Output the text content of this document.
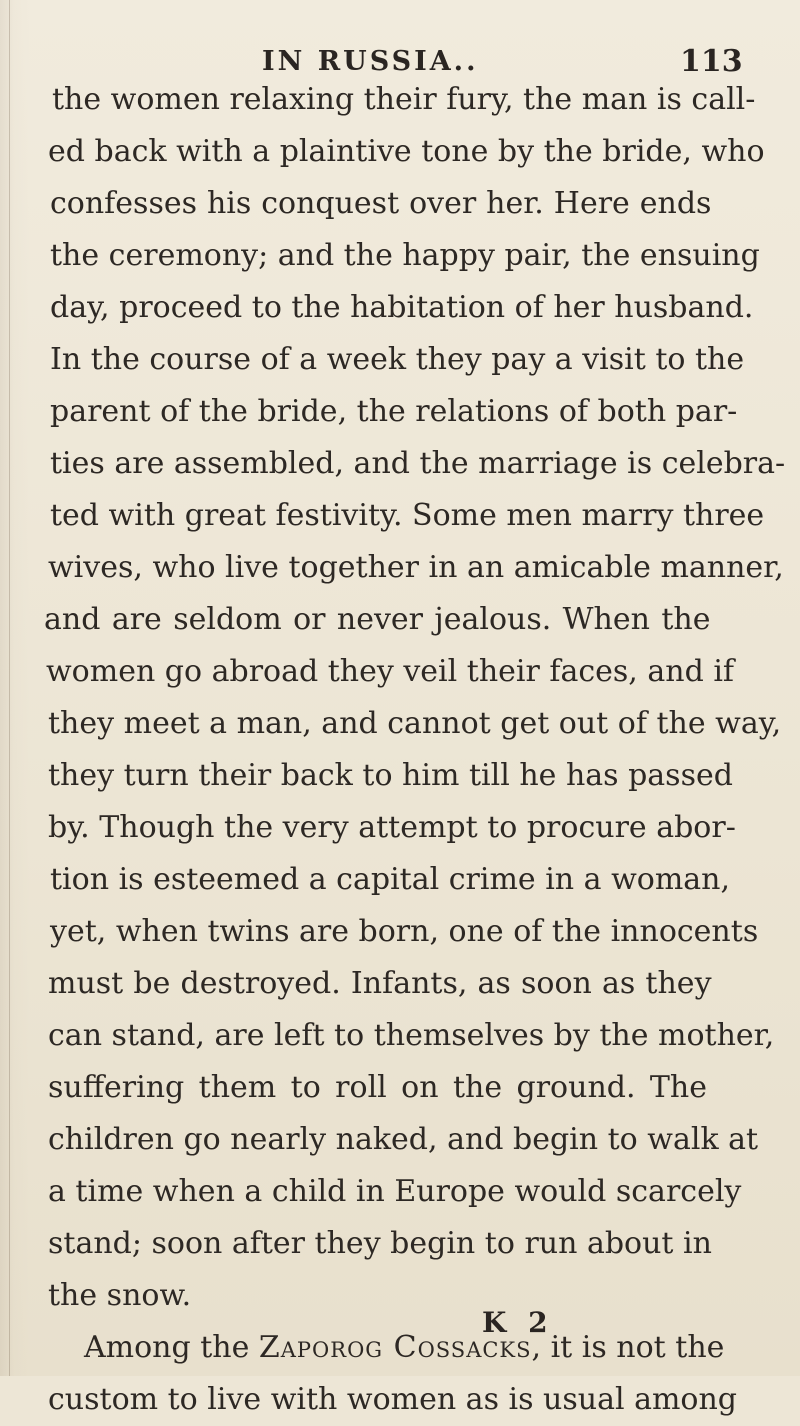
IN RUSSIA..	113
the women relaxing their fury, the man is call-
ed back with a plaintive tone by the bride, who
confesses his conquest over her. Here ends
the ceremony; and the happy pair, the ensuing
day, proceed to the habitation of her husband.
In the course of a week they pay a visit to the
parent of the bride, the relations of both par-
ties are assembled, and the marriage is celebra-
ted with great festivity. Some men marry three
wives, who live together in an amicable manner,
and are seldom or never jealous. When the
women go abroad they veil their faces, and if
they meet a man, and cannot get out of the way,
they turn their back to him till he has passed
by. Though the very attempt to procure abor-
tion is esteemed a capital crime in a woman,
yet, when twins are born, one of the innocents
must be destroyed. Infants, as soon as they
can stand, are left to themselves by the mother,
suffering them to roll on the ground. The
children go nearly naked, and begin to walk at
a time when a child in Europe would scarcely
stand; soon after they begin to run about in
the snow.
Among the Zaporog Cossacks, it is not the
custom to live with women as is usual among
K 2
